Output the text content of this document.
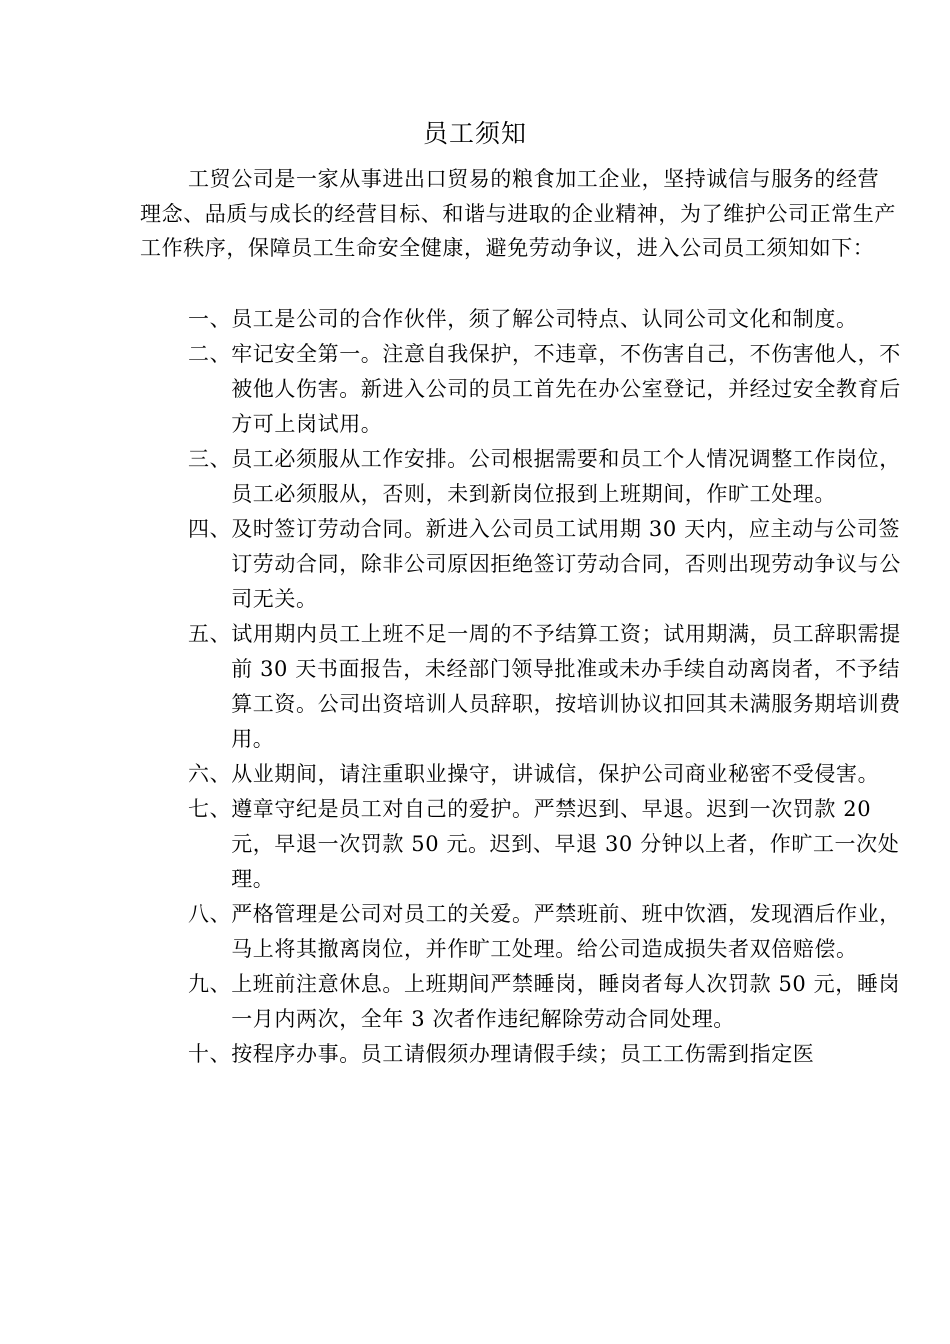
员工须知

工贸公司是一家从事进出口贸易的粮食加工企业，坚持诚信与服务的经营理念、品质与成长的经营目标、和谐与进取的企业精神，为了维护公司正常生产工作秩序，保障员工生命安全健康，避免劳动争议，进入公司员工须知如下：

一、 员工是公司的合作伙伴，须了解公司特点、认同公司文化和制度。
二、 牢记安全第一。注意自我保护，不违章，不伤害自己，不伤害他人，不被他人伤害。新进入公司的员工首先在办公室登记，并经过安全教育后方可上岗试用。
三、 员工必须服从工作安排。公司根据需要和员工个人情况调整工作岗位，员工必须服从，否则，未到新岗位报到上班期间，作旷工处理。
四、 及时签订劳动合同。新进入公司员工试用期 30 天内，应主动与公司签订劳动合同，除非公司原因拒绝签订劳动合同，否则出现劳动争议与公司无关。
五、 试用期内员工上班不足一周的不予结算工资；试用期满，员工辞职需提前 30 天书面报告，未经部门领导批准或未办手续自动离岗者，不予结算工资。公司出资培训人员辞职，按培训协议扣回其未满服务期培训费用。
六、 从业期间，请注重职业操守，讲诚信，保护公司商业秘密不受侵害。
七、 遵章守纪是员工对自己的爱护。严禁迟到、早退。迟到一次罚款 20 元，早退一次罚款 50 元。迟到、早退 30 分钟以上者，作旷工一次处理。
八、 严格管理是公司对员工的关爱。严禁班前、班中饮酒，发现酒后作业，马上将其撤离岗位，并作旷工处理。给公司造成损失者双倍赔偿。
九、 上班前注意休息。上班期间严禁睡岗，睡岗者每人次罚款 50 元，睡岗一月内两次，全年 3 次者作违纪解除劳动合同处理。
十、 按程序办事。员工请假须办理请假手续；员工工伤需到指定医
